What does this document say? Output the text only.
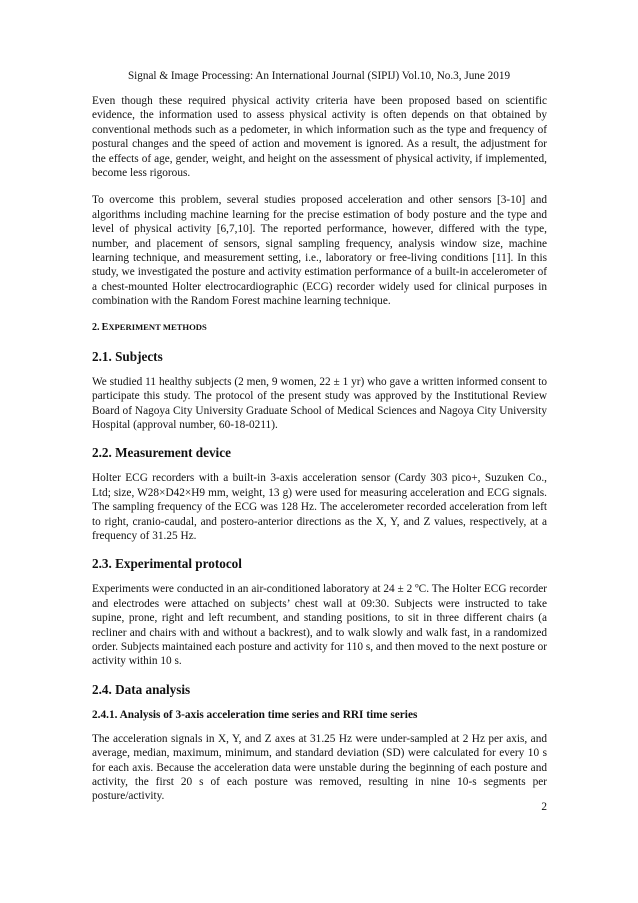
Signal & Image Processing: An International Journal (SIPIJ) Vol.10, No.3, June 2019

Even though these required physical activity criteria have been proposed based on scientific evidence, the information used to assess physical activity is often depends on that obtained by conventional methods such as a pedometer, in which information such as the type and frequency of postural changes and the speed of action and movement is ignored. As a result, the adjustment for the effects of age, gender, weight, and height on the assessment of physical activity, if implemented, become less rigorous.

To overcome this problem, several studies proposed acceleration and other sensors [3-10] and algorithms including machine learning for the precise estimation of body posture and the type and level of physical activity [6,7,10]. The reported performance, however, differed with the type, number, and placement of sensors, signal sampling frequency, analysis window size, machine learning technique, and measurement setting, i.e., laboratory or free-living conditions [11]. In this study, we investigated the posture and activity estimation performance of a built-in accelerometer of a chest-mounted Holter electrocardiographic (ECG) recorder widely used for clinical purposes in combination with the Random Forest machine learning technique.

2. EXPERIMENT METHODS
2.1. Subjects

We studied 11 healthy subjects (2 men, 9 women, 22 ± 1 yr) who gave a written informed consent to participate this study. The protocol of the present study was approved by the Institutional Review Board of Nagoya City University Graduate School of Medical Sciences and Nagoya City University Hospital (approval number, 60-18-0211).

2.2. Measurement device

Holter ECG recorders with a built-in 3-axis acceleration sensor (Cardy 303 pico+, Suzuken Co., Ltd; size, W28×D42×H9 mm, weight, 13 g) were used for measuring acceleration and ECG signals. The sampling frequency of the ECG was 128 Hz. The accelerometer recorded acceleration from left to right, cranio-caudal, and postero-anterior directions as the X, Y, and Z values, respectively, at a frequency of 31.25 Hz.

2.3. Experimental protocol

Experiments were conducted in an air-conditioned laboratory at 24 ± 2 ºC. The Holter ECG recorder and electrodes were attached on subjects’ chest wall at 09:30. Subjects were instructed to take supine, prone, right and left recumbent, and standing positions, to sit in three different chairs (a recliner and chairs with and without a backrest), and to walk slowly and walk fast, in a randomized order. Subjects maintained each posture and activity for 110 s, and then moved to the next posture or activity within 10 s.

2.4. Data analysis
2.4.1. Analysis of 3-axis acceleration time series and RRI time series

The acceleration signals in X, Y, and Z axes at 31.25 Hz were under-sampled at 2 Hz per axis, and average, median, maximum, minimum, and standard deviation (SD) were calculated for every 10 s for each axis. Because the acceleration data were unstable during the beginning of each posture and activity, the first 20 s of each posture was removed, resulting in nine 10-s segments per posture/activity.

2
